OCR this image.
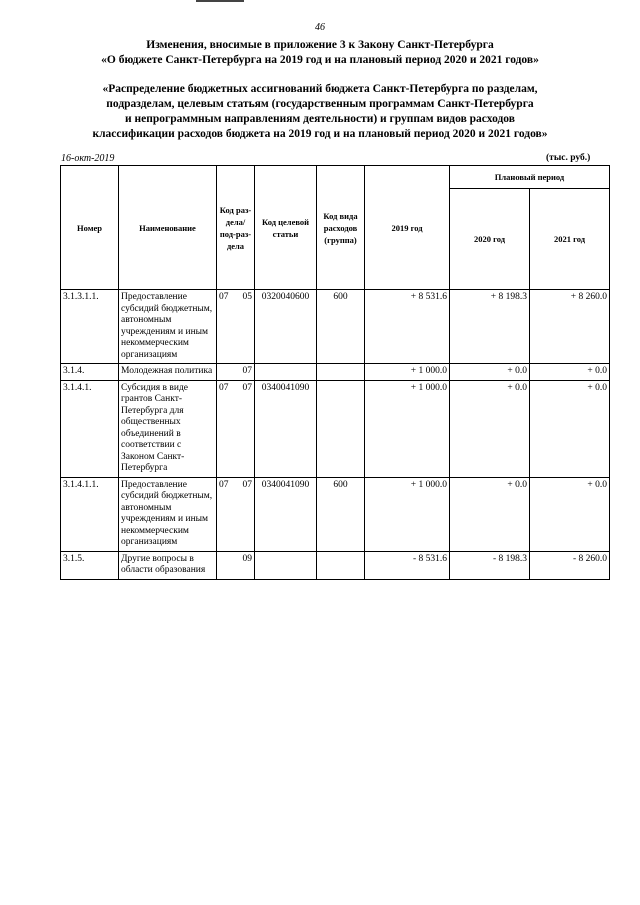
46
Изменения, вносимые в приложение 3 к Закону Санкт-Петербурга
«О бюджете Санкт-Петербурга на 2019 год и на плановый период 2020 и 2021 годов»
«Распределение бюджетных ассигнований бюджета Санкт-Петербурга по разделам,
подразделам, целевым статьям (государственным программам Санкт-Петербурга
и непрограммным направлениям деятельности) и группам видов расходов
классификации расходов бюджета на 2019 год и на плановый период 2020 и 2021 годов»
16-окт-2019	(тыс. руб.)
Номер	Наименование	Код раз-дела/ под-раз-дела	Код целевой статьи	Код вида расходов (группа)	2019 год	Плановый период	
						2020 год	2021 год
3.1.3.1.1.	Предоставление субсидий бюджетным, автономным учреждениям и иным некоммерческим организациям	07 05	0320040600	600	+ 8 531.6	+ 8 198.3	+ 8 260.0
3.1.4.	Молодежная политика	07			+ 1 000.0	+ 0.0	+ 0.0
3.1.4.1.	Субсидия в виде грантов Санкт-Петербурга для общественных объединений в соответствии с Законом Санкт-Петербурга	07 07	0340041090		+ 1 000.0	+ 0.0	+ 0.0
3.1.4.1.1.	Предоставление субсидий бюджетным, автономным учреждениям и иным некоммерческим организациям	07 07	0340041090	600	+ 1 000.0	+ 0.0	+ 0.0
3.1.5.	Другие вопросы в области образования	09			- 8 531.6	- 8 198.3	- 8 260.0
